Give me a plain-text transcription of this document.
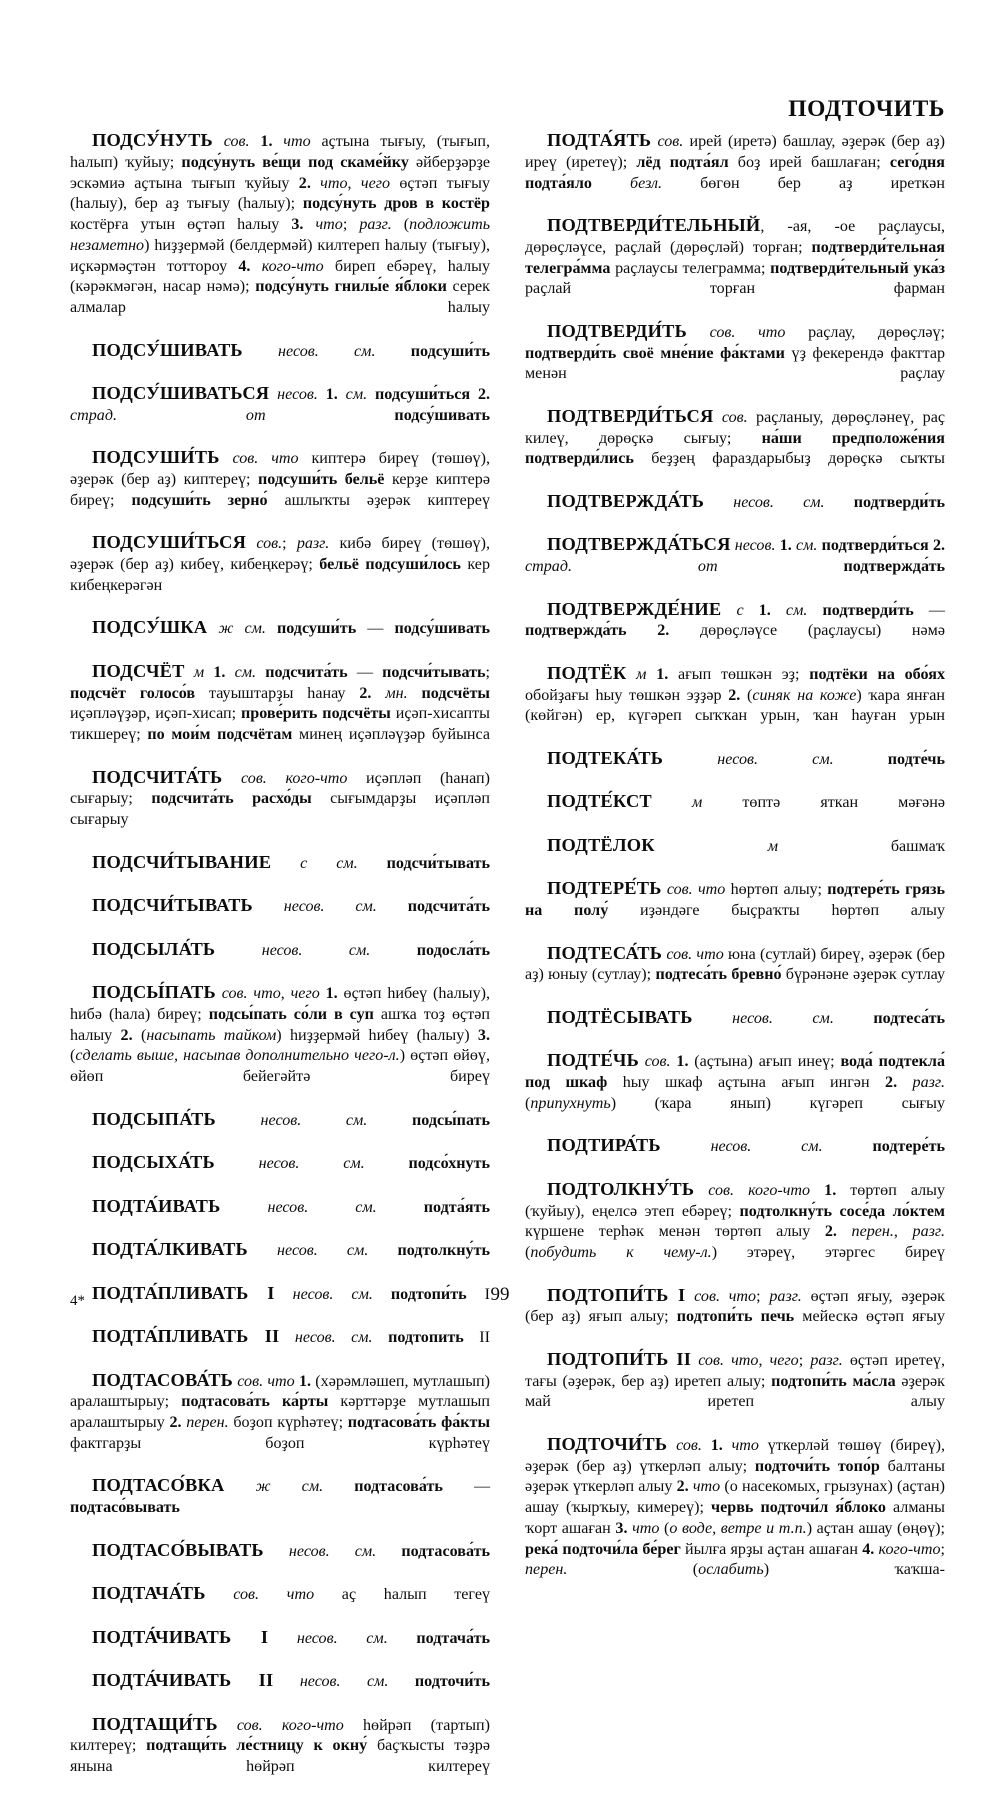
ПОДТОЧИТЬ

ПОДСУ́НУТЬ сов. 1. что аҫтына тығыу, (тығып, һалып) ҡуйыу; подсу́нуть ве́щи под скаме́йку әйберҙәрҙе эскәмиә аҫтына тығып ҡуйыу 2. что, чего өҫтәп тығыу (һалыу), бер аҙ тығыу (һалыу); подсу́нуть дров в костёр костёрға утын өҫтәп һалыу 3. что; разг. (подложить незаметно) һиҙҙермәй (белдермәй) килтереп һалыу (тығыу), иҫкәрмәҫтән тоттороу 4. кого-что биреп ебәреү, һалыу (кәрәкмәгән, насар нәмә); подсу́нуть гнилы́е я́блоки серек алмалар һалыу

ПОДСУ́ШИВАТЬ несов. см. подсуши́ть

ПОДСУ́ШИВАТЬСЯ несов. 1. см. подсуши́ться 2. страд.	от	подсу́шивать

ПОДСУШИ́ТЬ сов. что киптерә биреү (төшөү), әҙерәк (бер аҙ) киптереү; подсуши́ть бельё керҙе киптерә биреү; подсуши́ть зерно́ ашлыҡты әҙерәк киптереү

ПОДСУШИ́ТЬСЯ сов.; разг. кибә биреү (төшөү), әҙерәк (бер аҙ) кибеү, кибеңкерәү; бельё подсуши́лось кер кибеңкерәгән

ПОДСУ́ШКА ж см. подсуши́ть — подсу́шивать

ПОДСЧЁТ м 1. см. подсчита́ть — подсчи́тывать; подсчёт голосо́в тауыштарҙы һанау 2. мн. подсчёты иҫәпләүҙәр, иҫәп-хисап; прове́рить подсчёты иҫәп-хисапты тикшереү; по мои́м подсчётам минең иҫәпләүҙәр буйынса

ПОДСЧИТА́ТЬ сов. кого-что иҫәпләп (һанап) сығарыу; подсчита́ть расхо́ды сығымдарҙы иҫәпләп сығарыу

ПОДСЧИ́ТЫВАНИЕ с см. подсчи́тывать

ПОДСЧИ́ТЫВАТЬ несов. см. подсчита́ть

ПОДСЫЛА́ТЬ	несов.	см.	подосла́ть

ПОДСЫ́ПАТЬ сов. что, чего 1. өҫтәп һибеү (һалыу), һибә (һала) биреү; подсы́пать со́ли в суп ашҡа тоҙ өҫтәп һалыу 2. (насыпать тайком) һиҙҙермәй һибеү (һалыу) 3. (сделать выше, насыпав дополнительно чего-л.) өҫтәп өйөү, өйөп бейегәйтә биреү

ПОДСЫПА́ТЬ	несов.	см.	подсы́пать

ПОДСЫХА́ТЬ	несов.	см.	подсо́хнуть

ПОДТА́ИВАТЬ	несов.	см.	подта́ять

ПОДТА́ЛКИВАТЬ несов. см. подтолкну́ть

ПОДТА́ПЛИВАТЬ I несов. см. подтопи́ть I

ПОДТА́ПЛИВАТЬ II несов. см. подтопить II

ПОДТАСОВА́ТЬ сов. что 1. (хәрәмләшеп, мутлашып) аралаштырыу; подтасова́ть ка́рты кәрттәрҙе мутлашып аралаштырыу 2. перен. боҙоп күрһәтеү; подтасова́ть фа́кты фактгарҙы боҙоп күрһәтеү

ПОДТАСО́ВКА ж см. подтасова́ть — подтасо́вывать

ПОДТАСО́ВЫВАТЬ несов. см. подтасова́ть

ПОДТАЧА́ТЬ сов. что аҫ һалып тегеү

ПОДТА́ЧИВАТЬ I несов. см. подтача́ть

ПОДТА́ЧИВАТЬ II несов. см. подточи́ть

ПОДТАЩИ́ТЬ сов. кого-что һөйрәп (тартып) килтереү; подтащи́ть ле́стницу к окну́ баҫҡысты тәҙрә янына һөйрәп килтереү

ПОДТА́ЯТЬ сов. ирей (иретә) башлау, әҙерәк (бер аҙ) иреү (иретеү); лёд подта́ял боҙ ирей башлаған; сего́дня подта́яло безл. бөгөн бер аҙ иреткән

ПОДТВЕРДИ́ТЕЛЬНЫЙ, -ая, -ое раҫлаусы, дөрөҫләүсе, раҫлай (дөрөҫләй) торған; подтверди́тельная телегра́мма раҫлаусы телеграмма; подтверди́тельный ука́з раҫлай торған фарман

ПОДТВЕРДИ́ТЬ сов. что раҫлау, дөрөҫләү; подтверди́ть своё мне́ние фа́ктами үҙ фекерендә факттар менән раҫлау

ПОДТВЕРДИ́ТЬСЯ сов. раҫланыу, дөрөҫләнеү, раҫ килеү, дөрөҫкә сығыу; на́ши предположе́ния подтверди́лись беҙҙең фараздарыбыҙ дөрөҫкә сыҡты

ПОДТВЕРЖДА́ТЬ несов. см. подтверди́ть

ПОДТВЕРЖДА́ТЬСЯ несов. 1. см. подтверди́ться 2. страд.	от	подтвержда́ть

ПОДТВЕРЖДЕ́НИЕ с 1. см. подтверди́ть — подтвержда́ть 2. дөрөҫләүсе (раҫлаусы) нәмә

ПОДТЁК м 1. ағып төшкән эҙ; подтёки на обо́ях обойҙағы һыу төшкән эҙҙәр 2. (синяк на коже) ҡара янған (көйгән) ер, күгәреп сыҡҡан урын, ҡан һауған урын

ПОДТЕКА́ТЬ	несов.	см.	подте́чь

ПОДТЕ́КСТ м төптә яткан мәғәнә

ПОДТЁЛОК	м башмаҡ

ПОДТЕРЕ́ТЬ сов. что һөртөп алыу; подтере́ть грязь на полу́ иҙәндәге быҫраҡты һөртөп алыу

ПОДТЕСА́ТЬ сов. что юна (сутлай) биреү, әҙерәк (бер аҙ) юныу (сутлау); подтеса́ть бревно́ бүрәнәне әҙерәк сутлау

ПОДТЁСЫВАТЬ несов. см. подтеса́ть

ПОДТЕ́ЧЬ сов. 1. (аҫтына) ағып инеү; вода́ подтекла́ под шкаф һыу шкаф аҫтына ағып ингән 2. разг. (припухнуть) (ҡара янып) күгәреп сығыу

ПОДТИРА́ТЬ	несов.	см.	подтере́ть

ПОДТОЛКНУ́ТЬ сов. кого-что 1. төртөп алыу (ҡуйыу), еңелсә этеп ебәреү; подтолкну́ть сосе́да ло́ктем күршене терһәк менән төртөп алыу 2. перен., разг. (побудить к чему-л.) этәреү, этәргес биреү

ПОДТОПИ́ТЬ I сов. что; разг. өҫтәп яғыу, әҙерәк (бер аҙ) яғып алыу; подтопи́ть печь мейескә өҫтәп яғыу

ПОДТОПИ́ТЬ II сов. что, чего; разг. өҫтәп иретеү, тағы (әҙерәк, бер аҙ) иретеп алыу; подтопи́ть ма́сла әҙерәк май иретеп алыу

ПОДТОЧИ́ТЬ сов. 1. что үткерләй төшөү (биреү), әҙерәк (бер аҙ) үткерләп алыу; подточи́ть топо́р балтаны әҙерәк үткерләп алыу 2. что (о насекомых, грызунах) (аҫтан) ашау (ҡырҡыу, кимереү); червь подточи́л я́блоко алманы ҡорт ашаған 3. что (о воде, ветре и т.п.) аҫтан ашау (өңөү); река́ подточи́ла бе́рег йылға ярҙы аҫтан ашаған 4. кого-что; перен. (ослабить) ҡаҡша-

4*	99
